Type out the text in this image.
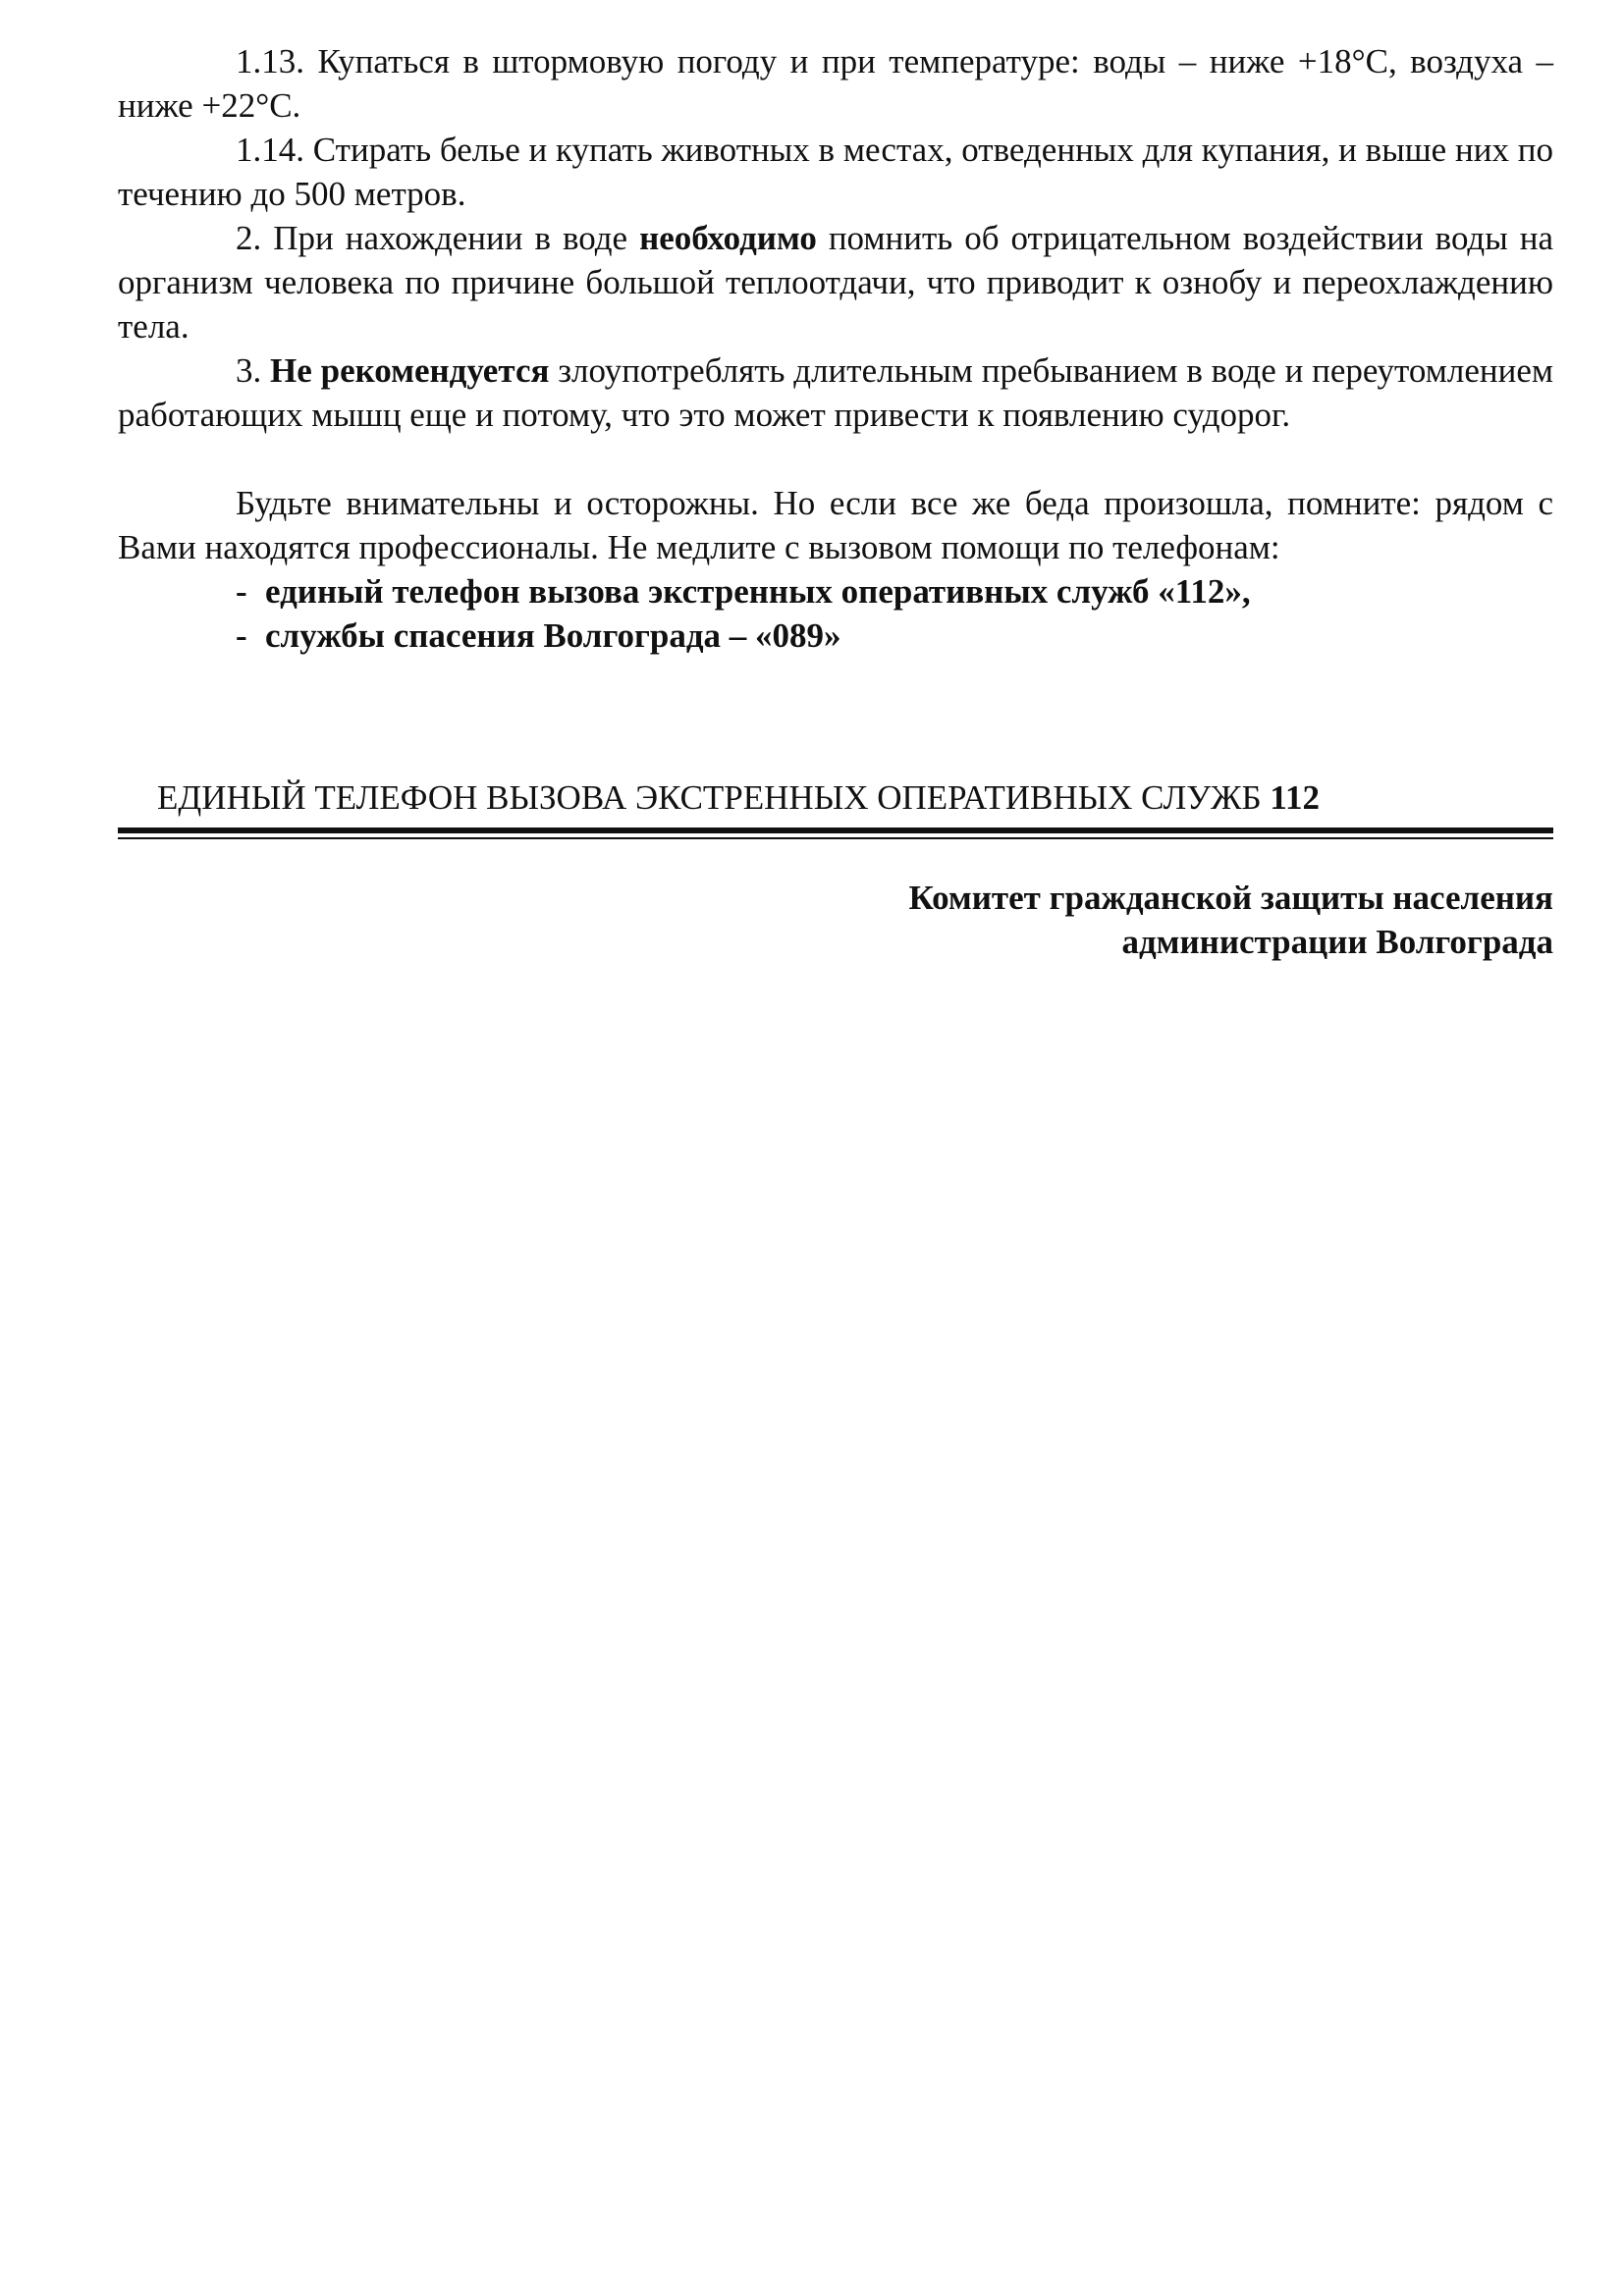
1.13. Купаться в штормовую погоду и при температуре: воды – ниже +18°С, воздуха – ниже +22°С.

1.14. Стирать белье и купать животных в местах, отведенных для купания, и выше них по течению до 500 метров.

2. При нахождении в воде необходимо помнить об отрицательном воздействии воды на организм человека по причине большой теплоотдачи, что приводит к ознобу и переохлаждению тела.

3. Не рекомендуется злоупотреблять длительным пребыванием в воде и переутомлением работающих мышц еще и потому, что это может привести к появлению судорог.

Будьте внимательны и осторожны. Но если все же беда произошла, помните: рядом с Вами находятся профессионалы. Не медлите с вызовом помощи по телефонам:

- единый телефон вызова экстренных оперативных служб «112»,
- службы спасения Волгограда – «089»
ЕДИНЫЙ ТЕЛЕФОН ВЫЗОВА ЭКСТРЕННЫХ ОПЕРАТИВНЫХ СЛУЖБ 112
Комитет гражданской защиты населения
администрации Волгограда
